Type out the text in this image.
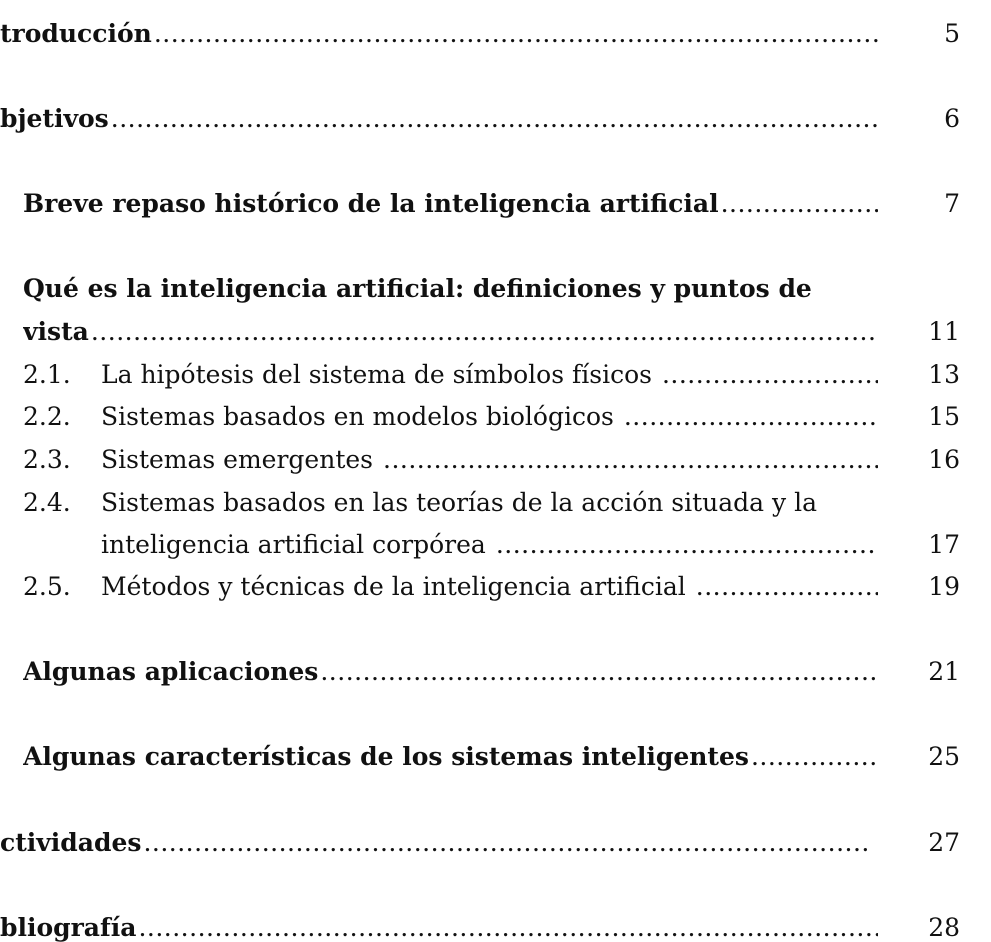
troducción .....	5
bjetivos .....	6
Breve repaso histórico de la inteligencia artificial .....	7
Qué es la inteligencia artificial: definiciones y puntos de
vista .....	11
2.1.	La hipótesis del sistema de símbolos físicos .....	13
2.2.	Sistemas basados en modelos biológicos .....	15
2.3.	Sistemas emergentes .....	16
2.4.	Sistemas basados en las teorías de la acción situada y la
inteligencia artificial corpórea .....	17
2.5.	Métodos y técnicas de la inteligencia artificial .....	19
Algunas aplicaciones .....	21
Algunas características de los sistemas inteligentes .....	25
ctividades .....	27
bliografía .....	28
